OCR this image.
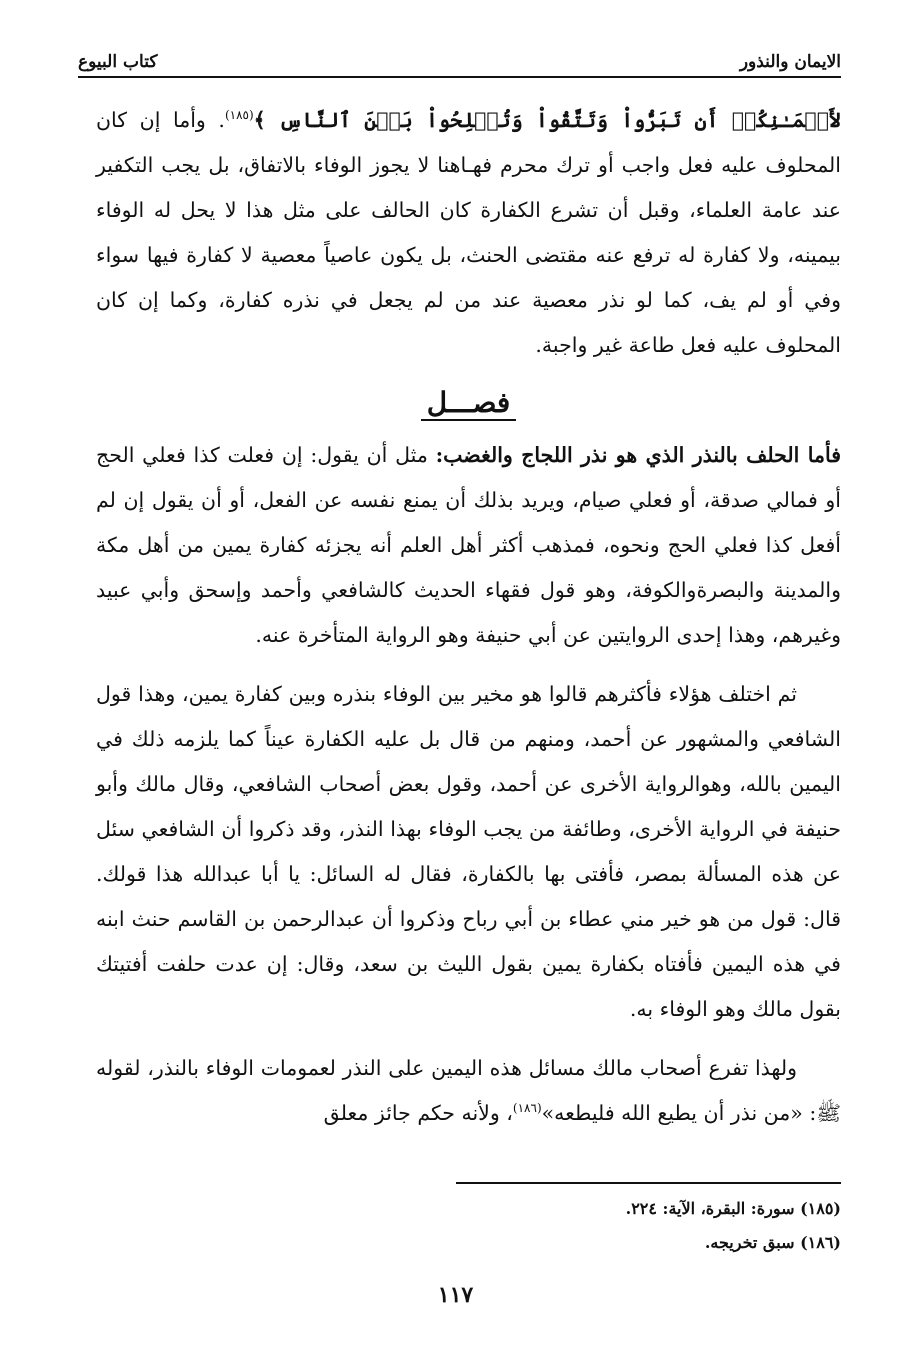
الايمان والنذور
كتاب البيوع

لأَيۡمَـٰنِكُمۡ أَن تَبَرُّواْ وَتَتَّقُواْ وَتُصۡلِحُواْ بَيۡنَ ٱلنَّاسِ ﴾$^{(١٨٥)}$. وأما إن كان المحلوف عليه فعل واجب أو ترك محرم فهـاهنا لا يجوز الوفاء بالاتفاق، بل يجب التكفير عند عامة العلماء، وقبل أن تشرع الكفارة كان الحالف على مثل هذا لا يحل له الوفاء بيمينه، ولا كفارة له ترفع عنه مقتضى الحنث، بل يكون عاصياً معصية لا كفارة فيها سواء وفي أو لم يف، كما لو نذر معصية عند من لم يجعل في نذره كفارة، وكما إن كان المحلوف عليه فعل طاعة غير واجبة.

فصـــل

فأما الحلف بالنذر الذي هو نذر اللجاج والغضب: مثل أن يقول: إن فعلت كذا فعلي الحج أو فمالي صدقة، أو فعلي صيام، ويريد بذلك أن يمنع نفسه عن الفعل، أو أن يقول إن لم أفعل كذا فعلي الحج ونحوه، فمذهب أكثر أهل العلم أنه يجزئه كفارة يمين من أهل مكة والمدينة والبصرةوالكوفة، وهو قول فقهاء الحديث كالشافعي وأحمد وإسحق وأبي عبيد وغيرهم، وهذا إحدى الروايتين عن أبي حنيفة وهو الرواية المتأخرة عنه.

ثم اختلف هؤلاء فأكثرهم قالوا هو مخير بين الوفاء بنذره وبين كفارة يمين، وهذا قول الشافعي والمشهور عن أحمد، ومنهم من قال بل عليه الكفارة عيناً كما يلزمه ذلك في اليمين بالله، وهوالرواية الأخرى عن أحمد، وقول بعض أصحاب الشافعي، وقال مالك وأبو حنيفة في الرواية الأخرى، وطائفة من يجب الوفاء بهذا النذر، وقد ذكروا أن الشافعي سئل عن هذه المسألة بمصر، فأفتى بها بالكفارة، فقال له السائل: يا أبا عبدالله هذا قولك. قال: قول من هو خير مني عطاء بن أبي رباح وذكروا أن عبدالرحمن بن القاسم حنث ابنه في هذه اليمين فأفتاه بكفارة يمين بقول الليث بن سعد، وقال: إن عدت حلفت أفتيتك بقول مالك وهو الوفاء به.

ولهذا تفرع أصحاب مالك مسائل هذه اليمين على النذر لعمومات الوفاء بالنذر، لقوله ﷺ: «من نذر أن يطيع الله فليطعه»$^{(١٨٦)}$، ولأنه حكم جائز معلق

(١٨٥) سورة: البقرة، الآية: ٢٢٤.
(١٨٦) سبق تخريجه.
١١٧
